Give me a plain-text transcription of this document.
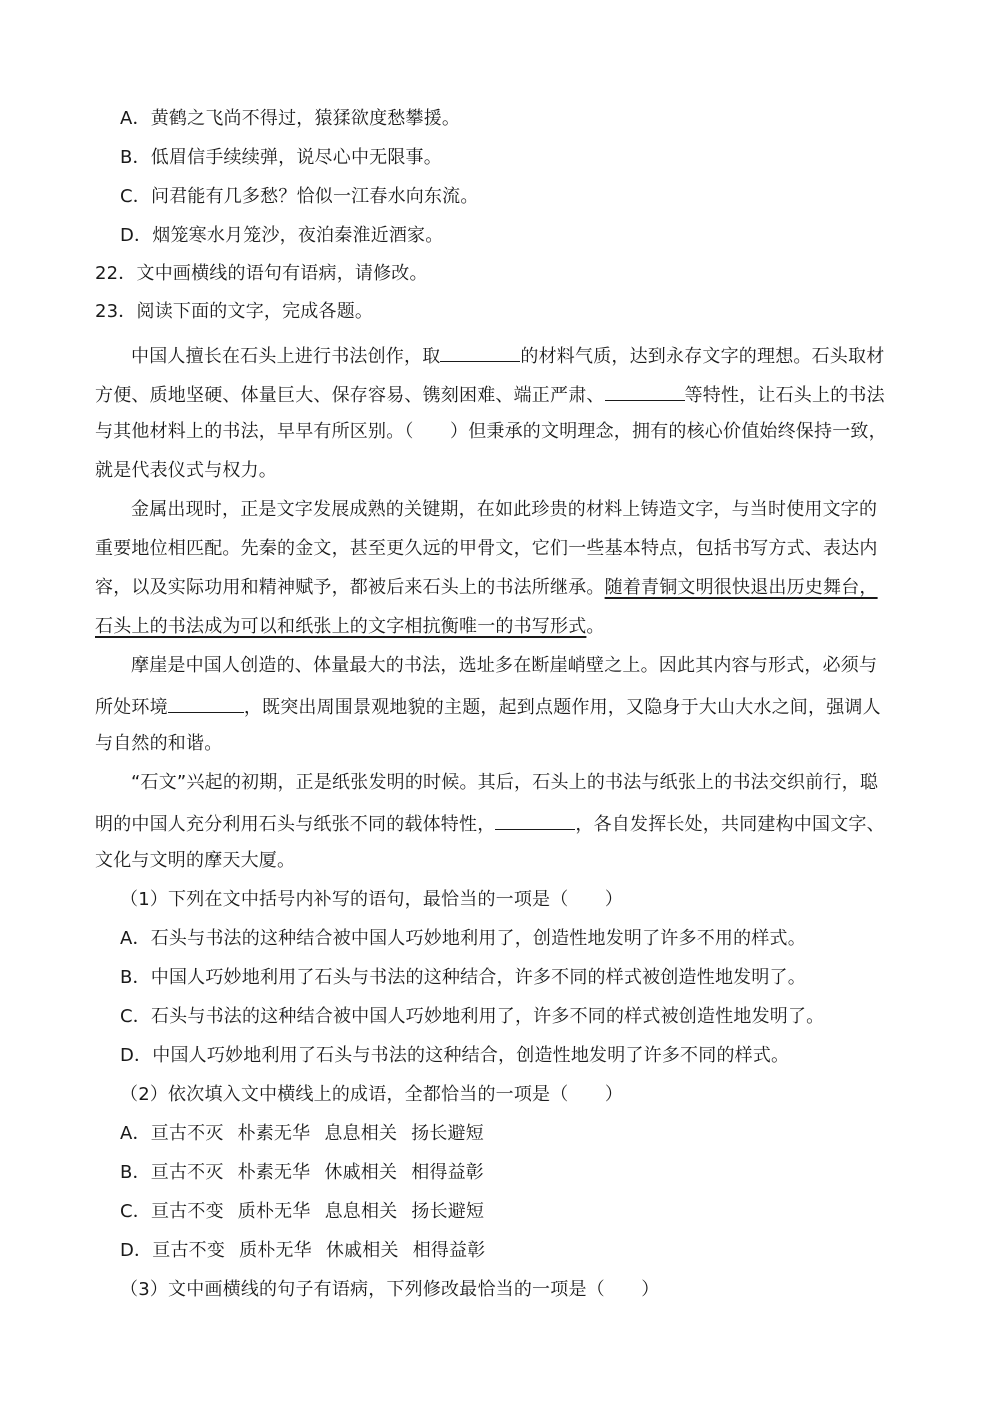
A．黄鹤之飞尚不得过，猿猱欲度愁攀援。
B．低眉信手续续弹，说尽心中无限事。
C．问君能有几多愁？恰似一江春水向东流。
D．烟笼寒水月笼沙，夜泊秦淮近酒家。
22．文中画横线的语句有语病，请修改。
23．阅读下面的文字，完成各题。
中国人擅长在石头上进行书法创作，取	的材料气质，达到永存文字的理想。石头取材
方便、质地坚硬、体量巨大、保存容易、镌刻困难、端正严肃、	等特性，让石头上的书法
与其他材料上的书法，早早有所区别。（　　）但秉承的文明理念，拥有的核心价值始终保持一致，
就是代表仪式与权力。
金属出现时，正是文字发展成熟的关键期，在如此珍贵的材料上铸造文字，与当时使用文字的
重要地位相匹配。先秦的金文，甚至更久远的甲骨文，它们一些基本特点，包括书写方式、表达内
容，以及实际功用和精神赋予，都被后来石头上的书法所继承。随着青铜文明很快退出历史舞台，
石头上的书法成为可以和纸张上的文字相抗衡唯一的书写形式。
摩崖是中国人创造的、体量最大的书法，选址多在断崖峭壁之上。因此其内容与形式，必须与
所处环境	，既突出周围景观地貌的主题，起到点题作用，又隐身于大山大水之间，强调人
与自然的和谐。
“石文”兴起的初期，正是纸张发明的时候。其后，石头上的书法与纸张上的书法交织前行，聪
明的中国人充分利用石头与纸张不同的载体特性，	，各自发挥长处，共同建构中国文字、
文化与文明的摩天大厦。
（1）下列在文中括号内补写的语句，最恰当的一项是（　　）
A．石头与书法的这种结合被中国人巧妙地利用了，创造性地发明了许多不用的样式。
B．中国人巧妙地利用了石头与书法的这种结合，许多不同的样式被创造性地发明了。
C．石头与书法的这种结合被中国人巧妙地利用了，许多不同的样式被创造性地发明了。
D．中国人巧妙地利用了石头与书法的这种结合，创造性地发明了许多不同的样式。
（2）依次填入文中横线上的成语，全都恰当的一项是（　　）
A．亘古不灭 朴素无华 息息相关 扬长避短
B．亘古不灭 朴素无华 休戚相关 相得益彰
C．亘古不变 质朴无华 息息相关 扬长避短
D．亘古不变 质朴无华 休戚相关 相得益彰
（3）文中画横线的句子有语病，下列修改最恰当的一项是（　　）
